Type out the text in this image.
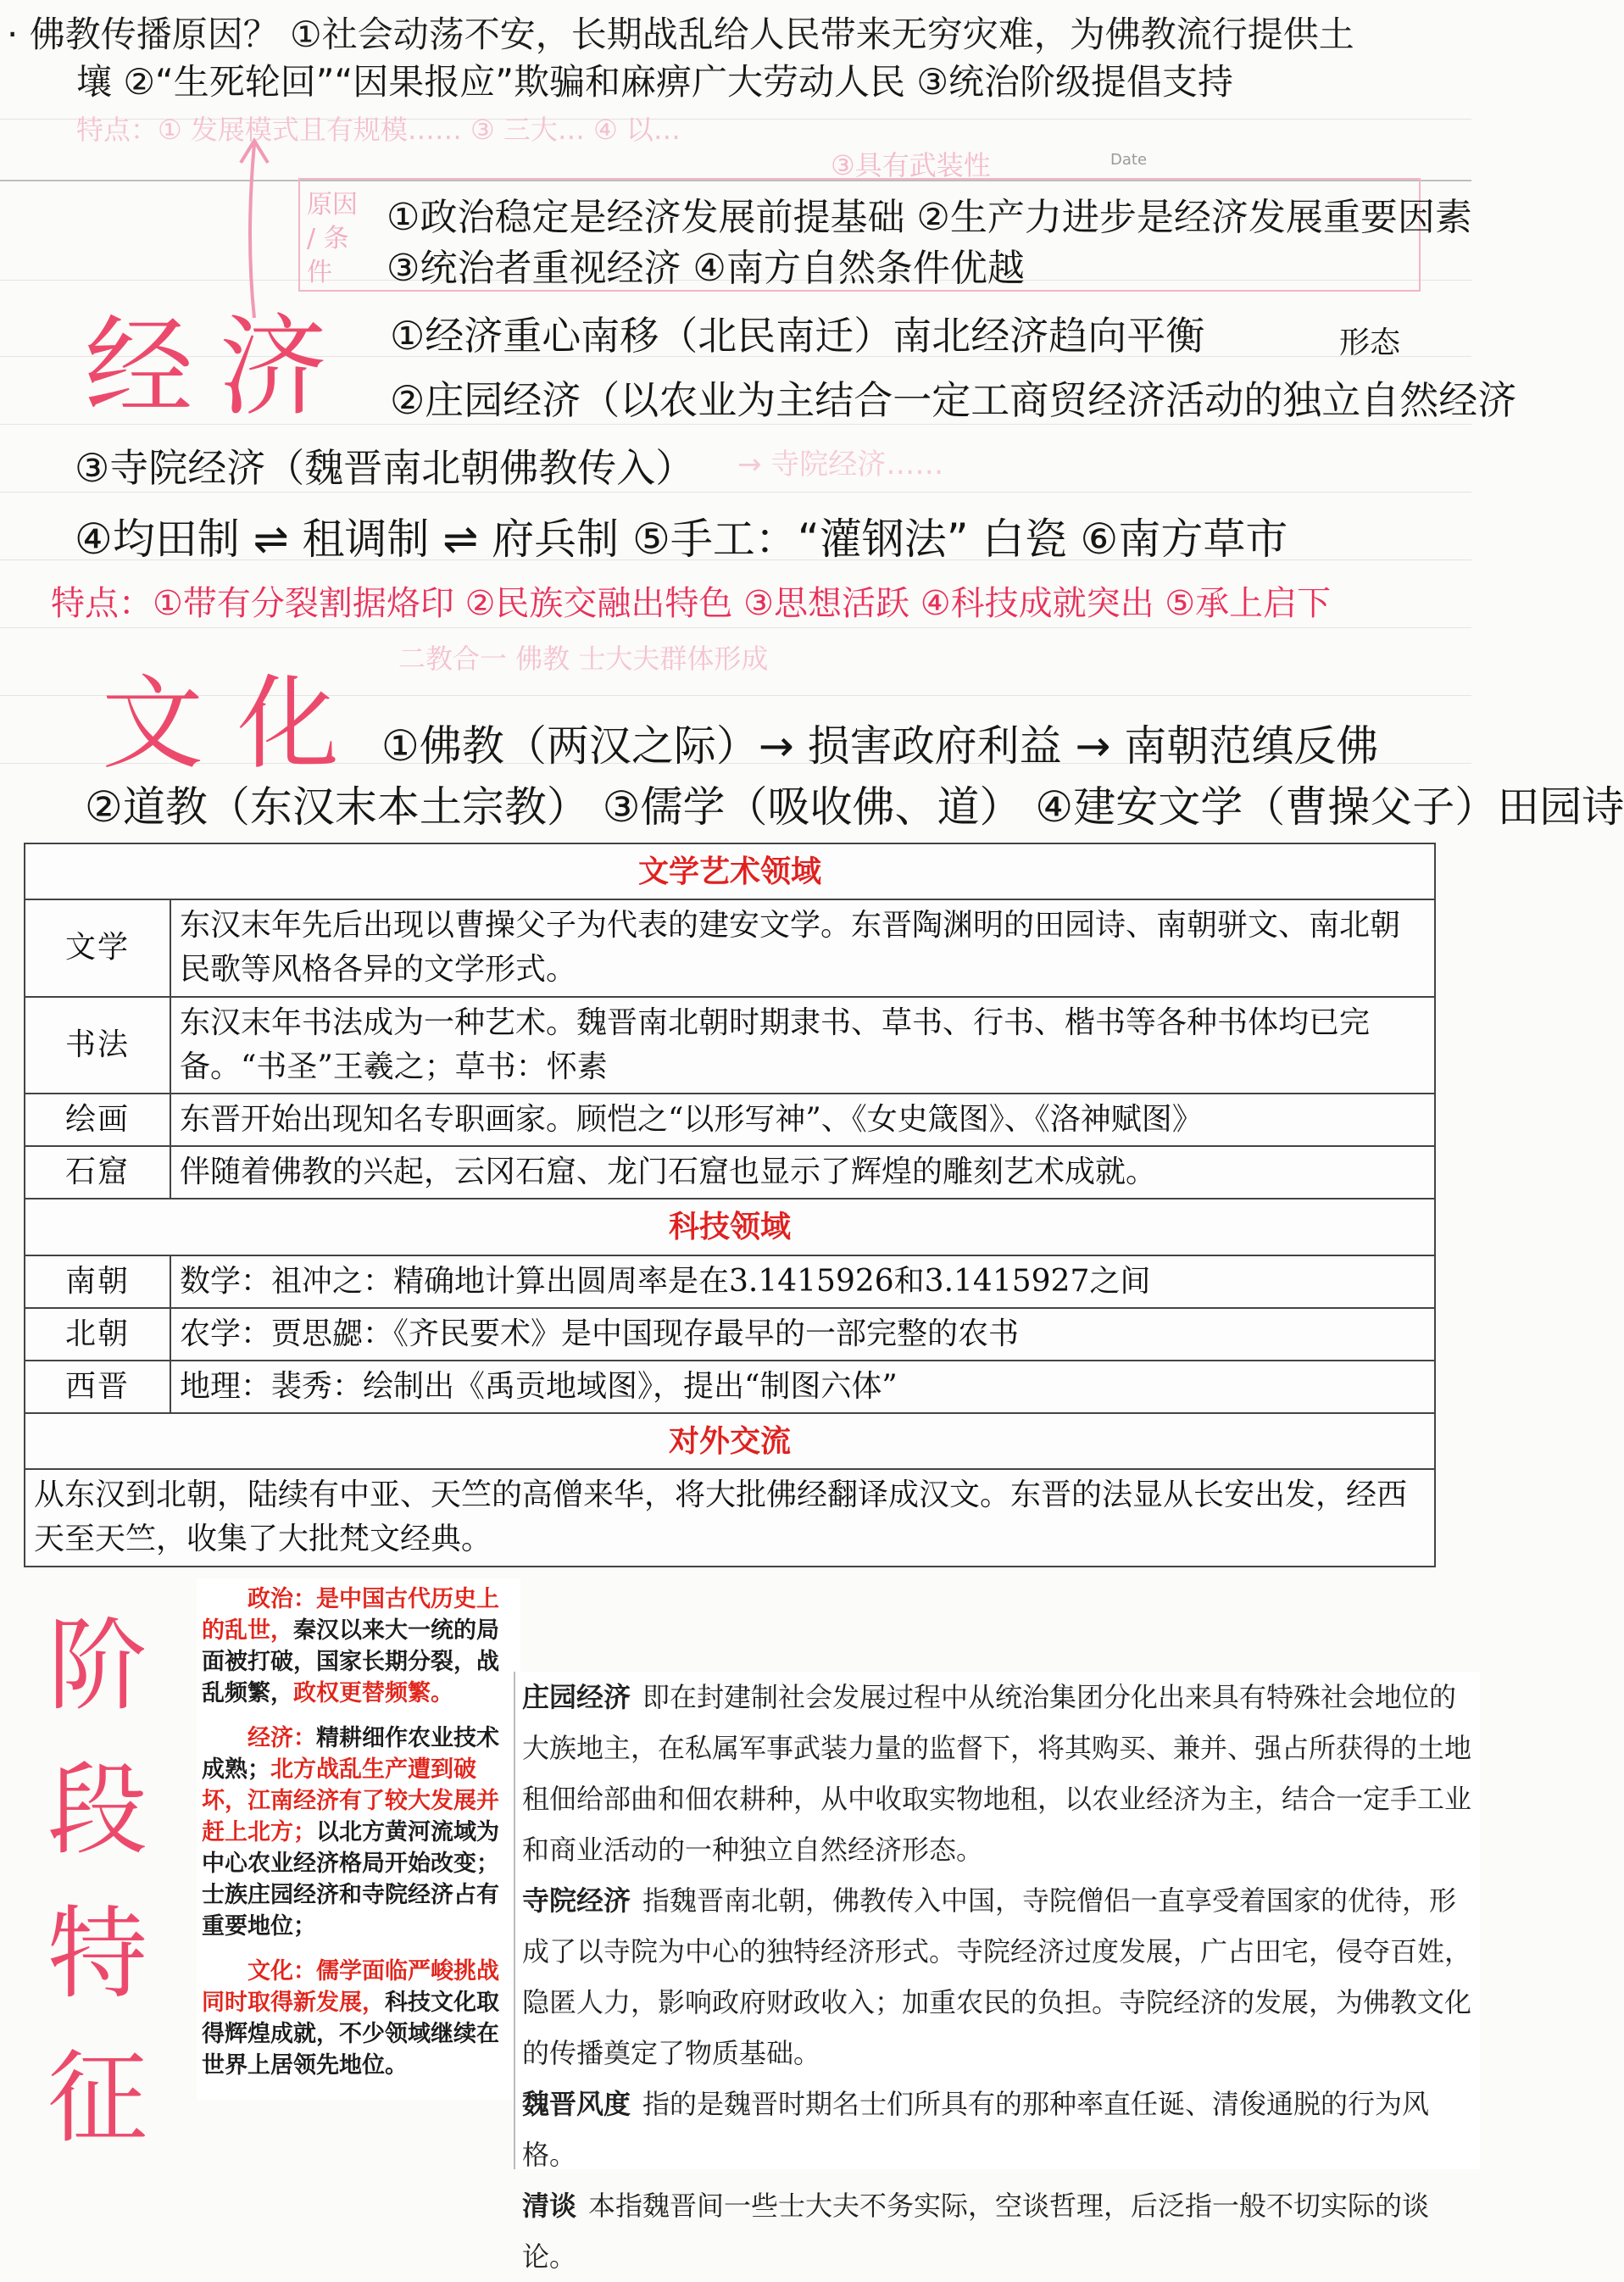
· 佛教传播原因？ ①社会动荡不安，长期战乱给人民带来无穷灾难，为佛教流行提供土
壤 ②“生死轮回”“因果报应”欺骗和麻痹广大劳动人民 ③统治阶级提倡支持
特点：① 发展模式且有规模…… ③ 三大… ④ 以…
③具有武装性	Date
原因 / 条件
①政治稳定是经济发展前提基础 ②生产力进步是经济发展重要因素
③统治者重视经济 ④南方自然条件优越
经济 ①经济重心南移（北民南迁）南北经济趋向平衡	形态
②庄园经济（以农业为主结合一定工商贸经济活动的独立自然经济
③寺院经济（魏晋南北朝佛教传入） → 寺院经济……
④均田制 ⇌ 租调制 ⇌ 府兵制 ⑤手工：“灌钢法” 白瓷 ⑥南方草市
特点：①带有分裂割据烙印 ②民族交融出特色 ③思想活跃 ④科技成就突出 ⑤承上启下
二教合一 佛教 士大夫群体形成
文化 ①佛教（两汉之际）→ 损害政府利益 → 南朝范缜反佛
②道教（东汉末本土宗教） ③儒学（吸收佛、道） ④建安文学（曹操父子）田园诗
文学艺术领域	
文学	东汉末年先后出现以曹操父子为代表的建安文学。东晋陶渊明的田园诗、南朝骈文、南北朝民歌等风格各异的文学形式。
书法	东汉末年书法成为一种艺术。魏晋南北朝时期隶书、草书、行书、楷书等各种书体均已完备。“书圣”王羲之；草书：怀素
绘画	东晋开始出现知名专职画家。顾恺之“以形写神”、《女史箴图》、《洛神赋图》
石窟	伴随着佛教的兴起，云冈石窟、龙门石窟也显示了辉煌的雕刻艺术成就。
科技领域	
南朝	数学：祖冲之：精确地计算出圆周率是在3.1415926和3.1415927之间
北朝	农学：贾思勰：《齐民要术》是中国现存最早的一部完整的农书
西晋	地理：裴秀：绘制出《禹贡地域图》，提出“制图六体”
对外交流	
从东汉到北朝，陆续有中亚、天竺的高僧来华，将大批佛经翻译成汉文。东晋的法显从长安出发，经西天至天竺，收集了大批梵文经典。	
阶段特征

政治：是中国古代历史上的乱世，秦汉以来大一统的局面被打破，国家长期分裂，战乱频繁，政权更替频繁。

经济：精耕细作农业技术成熟；北方战乱生产遭到破坏，江南经济有了较大发展并赶上北方；以北方黄河流域为中心农业经济格局开始改变；士族庄园经济和寺院经济占有重要地位；

文化：儒学面临严峻挑战同时取得新发展，科技文化取得辉煌成就，不少领域继续在世界上居领先地位。

庄园经济 即在封建制社会发展过程中从统治集团分化出来具有特殊社会地位的大族地主，在私属军事武装力量的监督下，将其购买、兼并、强占所获得的土地租佃给部曲和佃农耕种，从中收取实物地租，以农业经济为主，结合一定手工业和商业活动的一种独立自然经济形态。

寺院经济 指魏晋南北朝，佛教传入中国，寺院僧侣一直享受着国家的优待，形成了以寺院为中心的独特经济形式。寺院经济过度发展，广占田宅，侵夺百姓，隐匿人力，影响政府财政收入；加重农民的负担。寺院经济的发展，为佛教文化的传播奠定了物质基础。

魏晋风度 指的是魏晋时期名士们所具有的那种率直任诞、清俊通脱的行为风格。

清谈 本指魏晋间一些士大夫不务实际，空谈哲理，后泛指一般不切实际的谈论。
